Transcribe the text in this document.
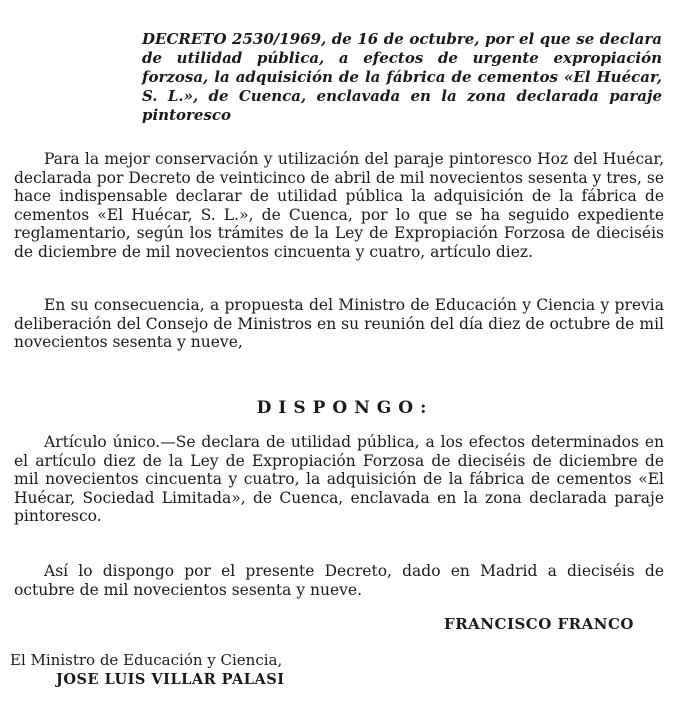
DECRETO 2530/1969, de 16 de octubre, por el que se declara de utilidad pública, a efectos de urgente expropiación forzosa, la adquisición de la fábrica de cementos «El Huécar, S. L.», de Cuenca, enclavada en la zona declarada paraje pintoresco

Para la mejor conservación y utilización del paraje pintoresco Hoz del Huécar, declarada por Decreto de veinticinco de abril de mil novecientos sesenta y tres, se hace indispensable declarar de utilidad pública la adquisición de la fábrica de cementos «El Huécar, S. L.», de Cuenca, por lo que se ha seguido expediente reglamentario, según los trámites de la Ley de Expropiación Forzosa de dieciséis de diciembre de mil novecientos cincuenta y cuatro, artículo diez.

En su consecuencia, a propuesta del Ministro de Educación y Ciencia y previa deliberación del Consejo de Ministros en su reunión del día diez de octubre de mil novecientos sesenta y nueve,

DISPONGO:

Artículo único.—Se declara de utilidad pública, a los efectos determinados en el artículo diez de la Ley de Expropiación Forzosa de dieciséis de diciembre de mil novecientos cincuenta y cuatro, la adquisición de la fábrica de cementos «El Huécar, Sociedad Limitada», de Cuenca, enclavada en la zona declarada paraje pintoresco.

Así lo dispongo por el presente Decreto, dado en Madrid a dieciséis de octubre de mil novecientos sesenta y nueve.

FRANCISCO FRANCO

El Ministro de Educación y Ciencia,

JOSE LUIS VILLAR PALASI
